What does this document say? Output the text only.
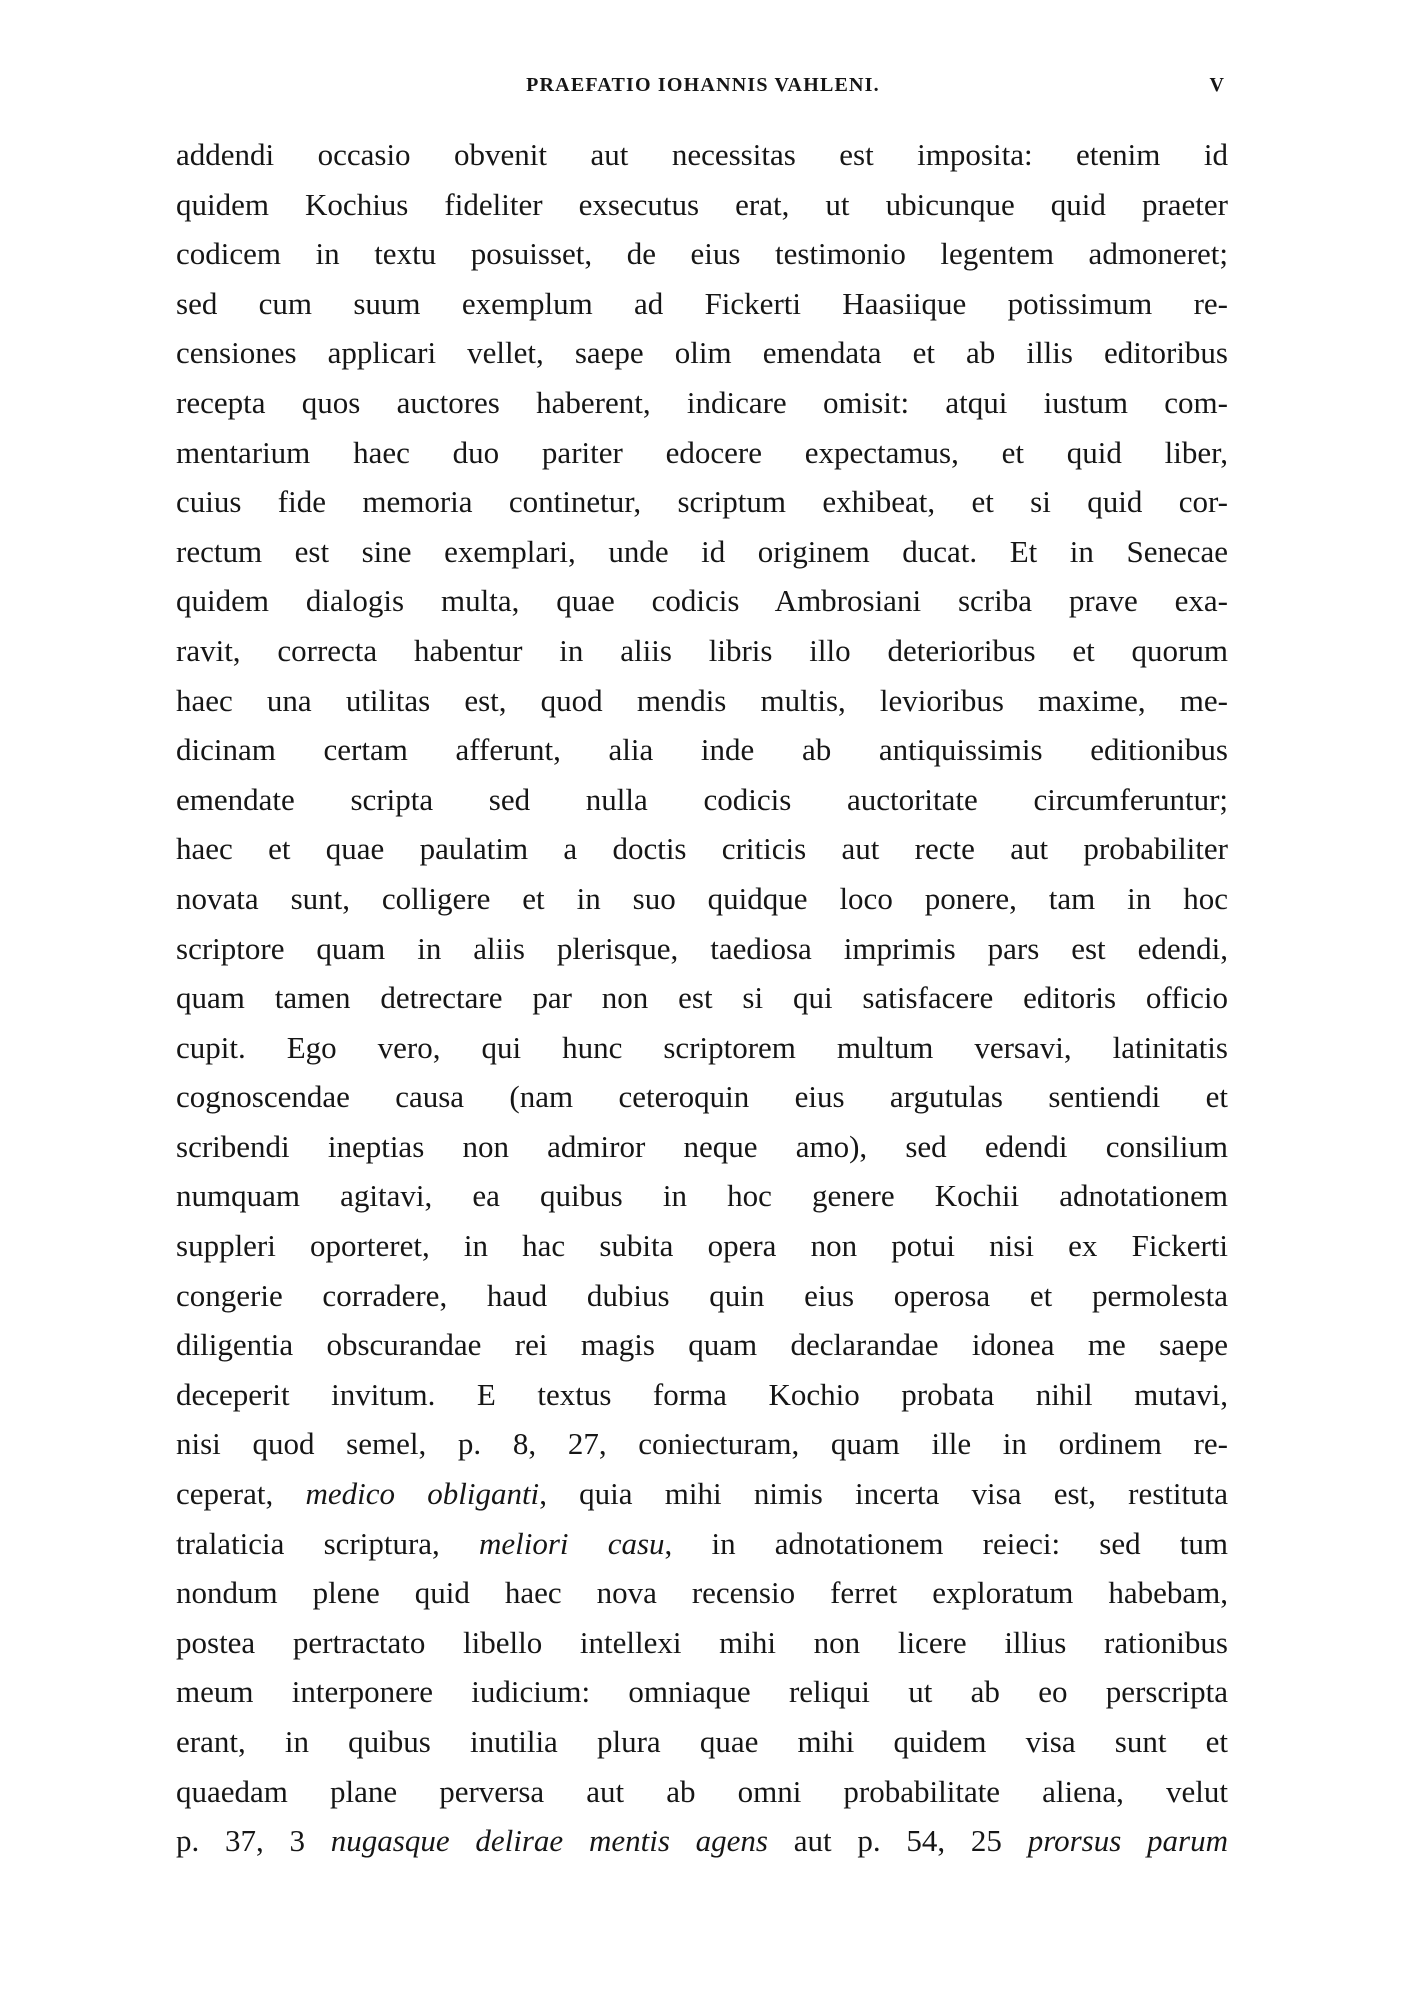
PRAEFATIO IOHANNIS VAHLENI.	V
addendi occasio obvenit aut necessitas est imposita: etenim id
quidem Kochius fideliter exsecutus erat, ut ubicunque quid praeter
codicem in textu posuisset, de eius testimonio legentem admoneret;
sed cum suum exemplum ad Fickerti Haasiique potissimum re-
censiones applicari vellet, saepe olim emendata et ab illis editoribus
recepta quos auctores haberent, indicare omisit: atqui iustum com-
mentarium haec duo pariter edocere expectamus, et quid liber,
cuius fide memoria continetur, scriptum exhibeat, et si quid cor-
rectum est sine exemplari, unde id originem ducat. Et in Senecae
quidem dialogis multa, quae codicis Ambrosiani scriba prave exa-
ravit, correcta habentur in aliis libris illo deterioribus et quorum
haec una utilitas est, quod mendis multis, levioribus maxime, me-
dicinam certam afferunt, alia inde ab antiquissimis editionibus
emendate scripta sed nulla codicis auctoritate circumferuntur;
haec et quae paulatim a doctis criticis aut recte aut probabiliter
novata sunt, colligere et in suo quidque loco ponere, tam in hoc
scriptore quam in aliis plerisque, taediosa imprimis pars est edendi,
quam tamen detrectare par non est si qui satisfacere editoris officio
cupit. Ego vero, qui hunc scriptorem multum versavi, latinitatis
cognoscendae causa (nam ceteroquin eius argutulas sentiendi et
scribendi ineptias non admiror neque amo), sed edendi consilium
numquam agitavi, ea quibus in hoc genere Kochii adnotationem
suppleri oporteret, in hac subita opera non potui nisi ex Fickerti
congerie corradere, haud dubius quin eius operosa et permolesta
diligentia obscurandae rei magis quam declarandae idonea me saepe
deceperit invitum. E textus forma Kochio probata nihil mutavi,
nisi quod semel, p. 8, 27, coniecturam, quam ille in ordinem re-
ceperat, medico obliganti, quia mihi nimis incerta visa est, restituta
tralaticia scriptura, meliori casu, in adnotationem reieci: sed tum
nondum plene quid haec nova recensio ferret exploratum habebam,
postea pertractato libello intellexi mihi non licere illius rationibus
meum interponere iudicium: omniaque reliqui ut ab eo perscripta
erant, in quibus inutilia plura quae mihi quidem visa sunt et
quaedam plane perversa aut ab omni probabilitate aliena, velut
p. 37, 3 nugasque delirae mentis agens aut p. 54, 25 prorsus parum
